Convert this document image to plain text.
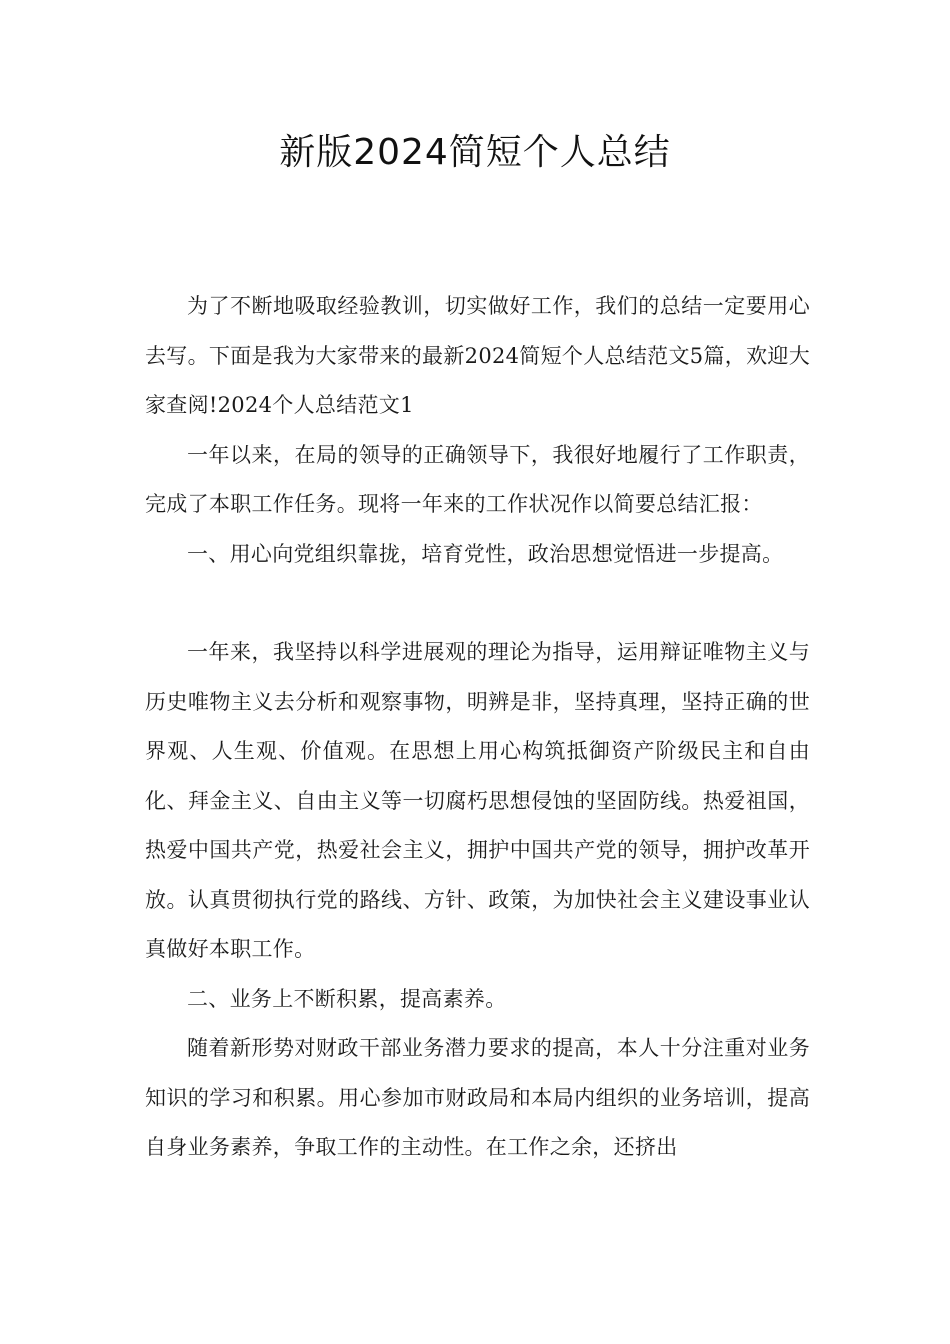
新版2024简短个人总结

为了不断地吸取经验教训，切实做好工作，我们的总结一定要用心去写。下面是我为大家带来的最新2024简短个人总结范文5篇，欢迎大家查阅!2024个人总结范文1

一年以来，在局的领导的正确领导下，我很好地履行了工作职责，完成了本职工作任务。现将一年来的工作状况作以简要总结汇报：

一、用心向党组织靠拢，培育党性，政治思想觉悟进一步提高。

一年来，我坚持以科学进展观的理论为指导，运用辩证唯物主义与历史唯物主义去分析和观察事物，明辨是非，坚持真理，坚持正确的世界观、人生观、价值观。在思想上用心构筑抵御资产阶级民主和自由化、拜金主义、自由主义等一切腐朽思想侵蚀的坚固防线。热爱祖国，热爱中国共产党，热爱社会主义，拥护中国共产党的领导，拥护改革开放。认真贯彻执行党的路线、方针、政策，为加快社会主义建设事业认真做好本职工作。

二、业务上不断积累，提高素养。

随着新形势对财政干部业务潜力要求的提高，本人十分注重对业务知识的学习和积累。用心参加市财政局和本局内组织的业务培训，提高自身业务素养，争取工作的主动性。在工作之余，还挤出
